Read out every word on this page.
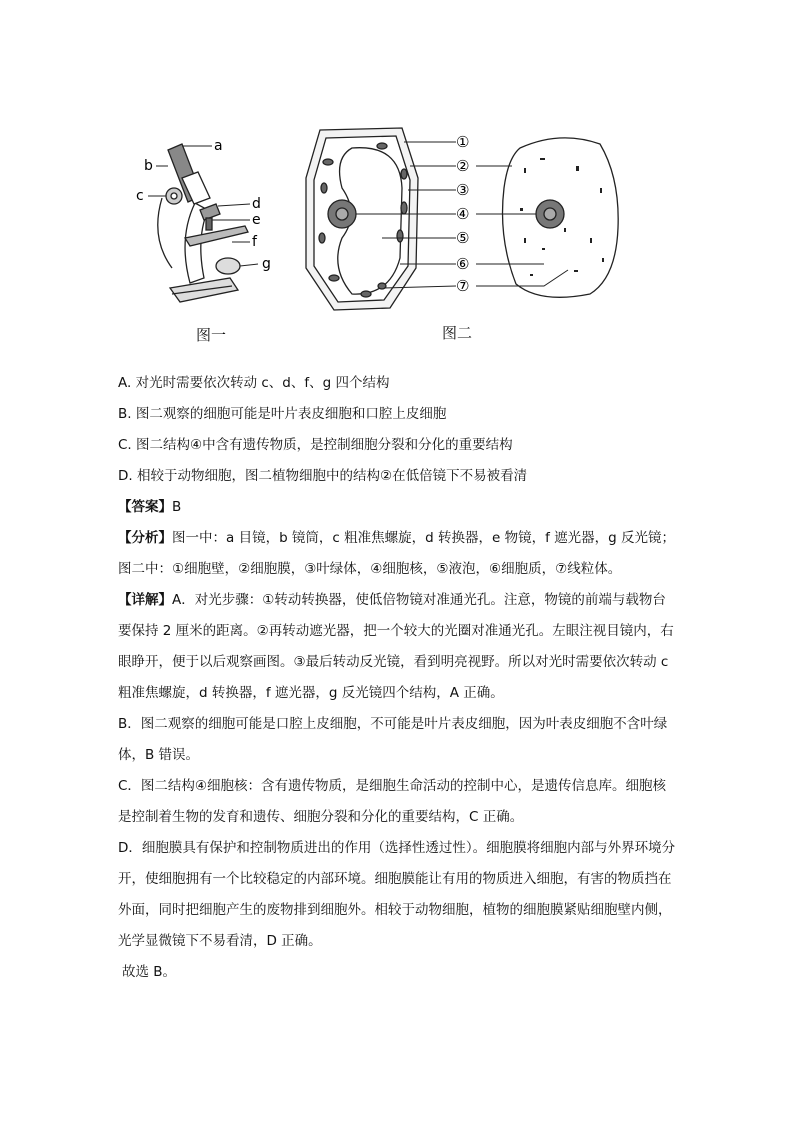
a
b
c	d
e
f
g
①
②
③
④
⑤
⑥
⑦
图一	图二
A. 对光时需要依次转动 c、d、f、g 四个结构
B. 图二观察的细胞可能是叶片表皮细胞和口腔上皮细胞
C. 图二结构④中含有遗传物质，是控制细胞分裂和分化的重要结构
D. 相较于动物细胞，图二植物细胞中的结构②在低倍镜下不易被看清
【答案】B
【分析】图一中：a 目镜，b 镜筒，c 粗准焦螺旋，d 转换器，e 物镜，f 遮光器，g 反光镜；图二中：①细胞壁，②细胞膜，③叶绿体，④细胞核，⑤液泡，⑥细胞质，⑦线粒体。
【详解】A．对光步骤：①转动转换器，使低倍物镜对准通光孔。注意，物镜的前端与载物台要保持 2 厘米的距离。②再转动遮光器，把一个较大的光圈对准通光孔。左眼注视目镜内，右眼睁开，便于以后观察画图。③最后转动反光镜，看到明亮视野。所以对光时需要依次转动 c 粗准焦螺旋，d 转换器，f 遮光器，g 反光镜四个结构，A 正确。
B．图二观察的细胞可能是口腔上皮细胞，不可能是叶片表皮细胞，因为叶表皮细胞不含叶绿体，B 错误。
C．图二结构④细胞核：含有遗传物质，是细胞生命活动的控制中心，是遗传信息库。细胞核是控制着生物的发育和遗传、细胞分裂和分化的重要结构，C 正确。
D．细胞膜具有保护和控制物质进出的作用（选择性透过性）。细胞膜将细胞内部与外界环境分开，使细胞拥有一个比较稳定的内部环境。细胞膜能让有用的物质进入细胞，有害的物质挡在外面，同时把细胞产生的废物排到细胞外。相较于动物细胞，植物的细胞膜紧贴细胞壁内侧，光学显微镜下不易看清，D 正确。
故选 B。
